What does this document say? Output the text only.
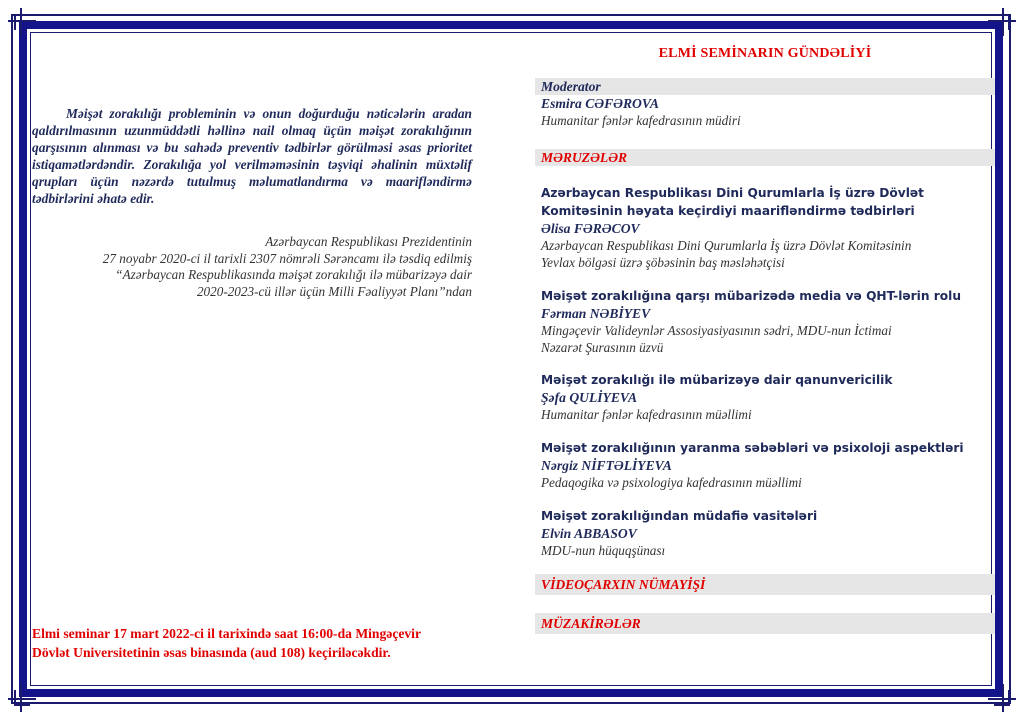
Məişət zorakılığı probleminin və onun doğurduğu nəticələrin aradan qaldırılmasının uzunmüddətli həllinə nail olmaq üçün məişət zorakılığının qarşısının alınması və bu sahədə preventiv tədbirlər görülməsi əsas prioritet istiqamətlərdəndir. Zorakılığa yol verilməməsinin təşviqi əhalinin müxtəlif qrupları üçün nəzərdə tutulmuş məlumatlandırma və maarifləndirmə tədbirlərini əhatə edir.

Azərbaycan Respublikası Prezidentinin
27 noyabr 2020-ci il tarixli 2307 nömrəli Sərəncamı ilə təsdiq edilmiş
“Azərbaycan Respublikasında məişət zorakılığı ilə mübarizəyə dair
2020-2023-cü illər üçün Milli Fəaliyyət Planı”ndan
Elmi seminar 17 mart 2022-ci il tarixində saat 16:00-da Mingəçevir
Dövlət Universitetinin əsas binasında (aud 108) keçiriləcəkdir.
ELMİ SEMİNARIN GÜNDƏLİYİ
Moderator
Esmira CƏFƏROVA
Humanitar fənlər kafedrasının müdiri
MƏRUZƏLƏR
Azərbaycan Respublikası Dini Qurumlarla İş üzrə Dövlət
Komitəsinin həyata keçirdiyi maarifləndirmə tədbirləri
Əlisa FƏRƏCOV
Azərbaycan Respublikası Dini Qurumlarla İş üzrə Dövlət Komitəsinin
Yevlax bölgəsi üzrə şöbəsinin baş məsləhətçisi
Məişət zorakılığına qarşı mübarizədə media və QHT-lərin rolu
Fərman NƏBİYEV
Mingəçevir Valideynlər Assosiyasiyasının sədri, MDU-nun İctimai
Nəzarət Şurasının üzvü
Məişət zorakılığı ilə mübarizəyə dair qanunvericilik
Şəfa QULİYEVA
Humanitar fənlər kafedrasının müəllimi
Məişət zorakılığının yaranma səbəbləri və psixoloji aspektləri
Nərgiz NİFTƏLİYEVA
Pedaqogika və psixologiya kafedrasının müəllimi
Məişət zorakılığından müdafiə vasitələri
Elvin ABBASOV
MDU-nun hüquqşünası
VİDEOÇARXIN NÜMAYİŞİ
MÜZAKİRƏLƏR
